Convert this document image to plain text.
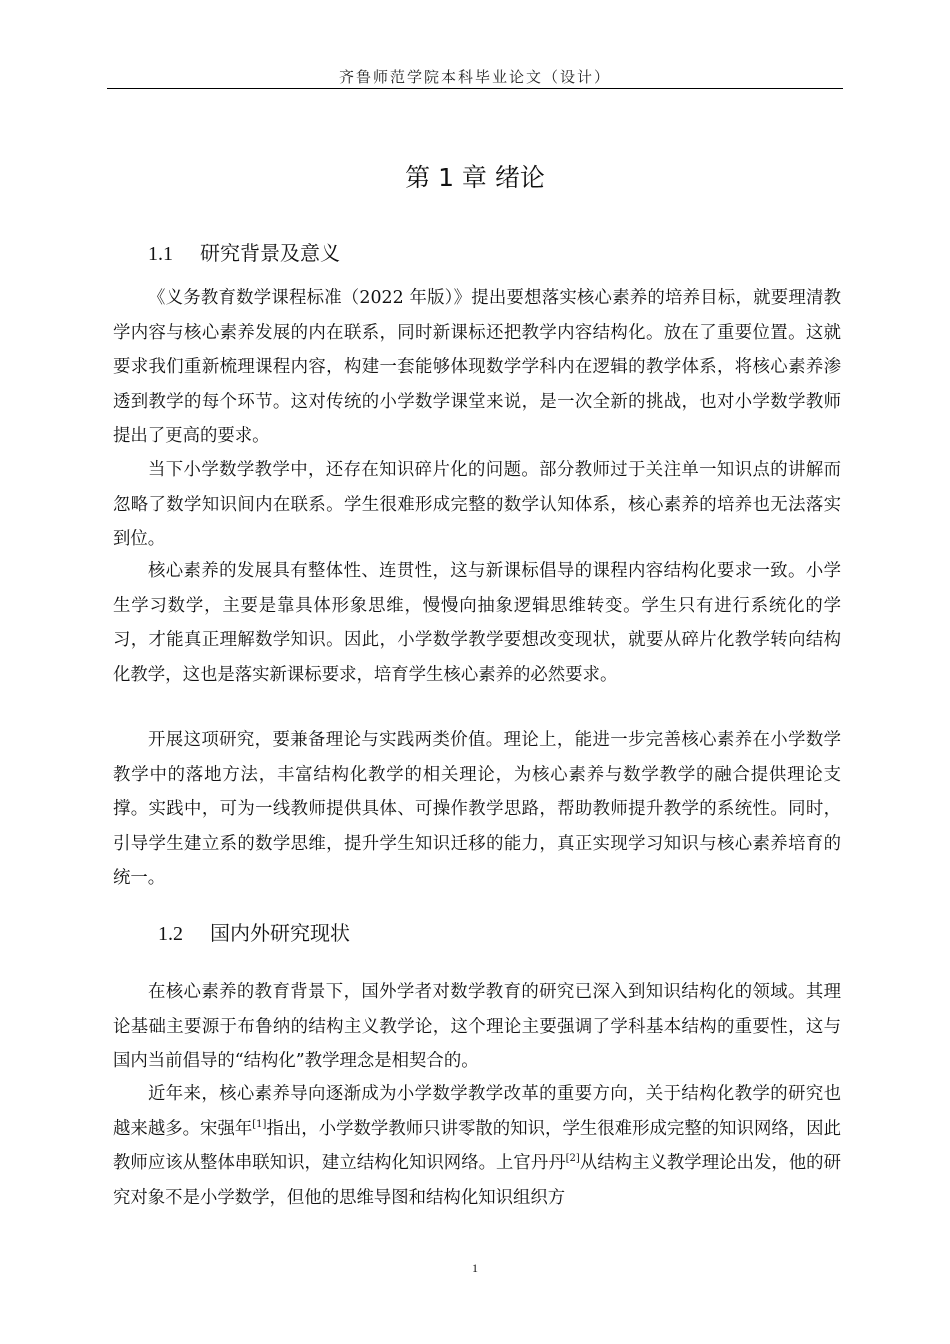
齐鲁师范学院本科毕业论文（设计）
第 1 章 绪论
1.1 研究背景及意义

《义务教育数学课程标准（2022 年版）》提出要想落实核心素养的培养目标，就要理清教学内容与核心素养发展的内在联系，同时新课标还把教学内容结构化。放在了重要位置。这就要求我们重新梳理课程内容，构建一套能够体现数学学科内在逻辑的教学体系，将核心素养渗透到教学的每个环节。这对传统的小学数学课堂来说，是一次全新的挑战，也对小学数学教师提出了更高的要求。

当下小学数学教学中，还存在知识碎片化的问题。部分教师过于关注单一知识点的讲解而忽略了数学知识间内在联系。学生很难形成完整的数学认知体系，核心素养的培养也无法落实到位。

核心素养的发展具有整体性、连贯性，这与新课标倡导的课程内容结构化要求一致。小学生学习数学，主要是靠具体形象思维，慢慢向抽象逻辑思维转变。学生只有进行系统化的学习，才能真正理解数学知识。因此，小学数学教学要想改变现状，就要从碎片化教学转向结构化教学，这也是落实新课标要求，培育学生核心素养的必然要求。

开展这项研究，要兼备理论与实践两类价值。理论上，能进一步完善核心素养在小学数学教学中的落地方法，丰富结构化教学的相关理论，为核心素养与数学教学的融合提供理论支撑。实践中，可为一线教师提供具体、可操作教学思路，帮助教师提升教学的系统性。同时，引导学生建立系的数学思维，提升学生知识迁移的能力，真正实现学习知识与核心素养培育的统一。

1.2 国内外研究现状

在核心素养的教育背景下，国外学者对数学教育的研究已深入到知识结构化的领域。其理论基础主要源于布鲁纳的结构主义教学论，这个理论主要强调了学科基本结构的重要性，这与国内当前倡导的“结构化”教学理念是相契合的。

近年来，核心素养导向逐渐成为小学数学教学改革的重要方向，关于结构化教学的研究也越来越多。宋强年[1]指出，小学数学教师只讲零散的知识，学生很难形成完整的知识网络，因此教师应该从整体串联知识，建立结构化知识网络。上官丹丹[2]从结构主义教学理论出发，他的研究对象不是小学数学，但他的思维导图和结构化知识组织方

1
